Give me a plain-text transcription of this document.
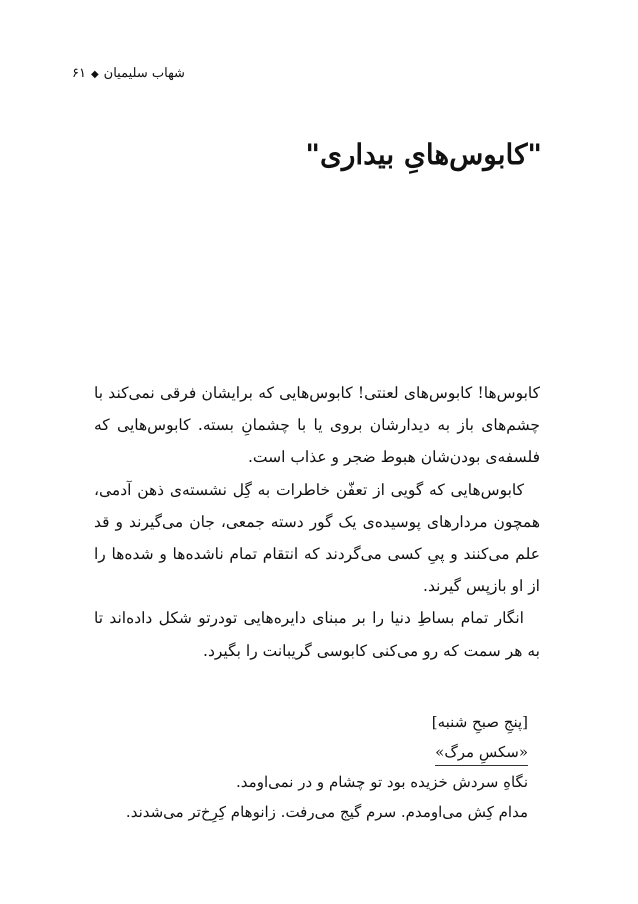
شهاب سلیمیان◆۶۱
"کابوس‌هایِ بیداری"

کابوس‌ها! کابوس‌های لعنتی! کابوس‌هایی که برایشان فرقی نمی‌کند با چشم‌های باز به دیدارشان بروی یا با چشمانِ بسته. کابوس‌هایی که فلسفه‌ی بودن‌شان هبوط ضجر و عذاب است.

کابوس‌هایی که گویی از تعفّن خاطرات به گِل نشسته‌ی ذهن آدمی، همچون مردارهای پوسیده‌ی یک گور دسته جمعی، جان می‌گیرند و قد علم می‌کنند و پیِ کسی می‌گردند که انتقام تمام ناشده‌ها و شده‌ها را از او بازپس گیرند.

انگار تمام بساطِ دنیا را بر مبنای دایره‌هایی تودرتو شکل داده‌اند تا به هر سمت که رو می‌کنی کابوسی گریبانت را بگیرد.

[پنجِ صبحِ شنبه]
«سکسِ مرگ»
نگاهِ سردش خزیده بود تو چشام و در نمی‌اومد.
مدام کِش می‌اومدم. سرم گیج می‌رفت. زانوهام کِرِخ‌تر می‌شدند.
